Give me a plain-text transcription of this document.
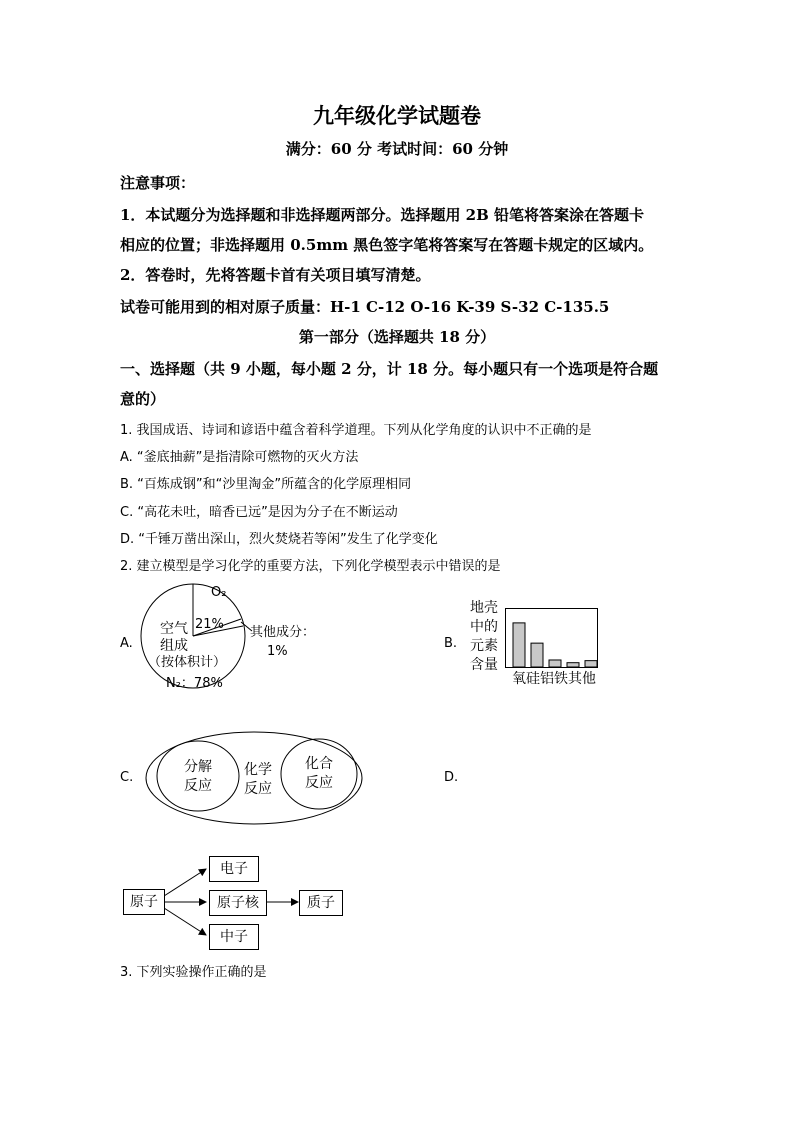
九年级化学试题卷
满分：60 分 考试时间：60 分钟
注意事项：
1．本试题分为选择题和非选择题两部分。选择题用 2B 铅笔将答案涂在答题卡
相应的位置；非选择题用 0.5mm 黑色签字笔将答案写在答题卡规定的区域内。
2．答卷时，先将答题卡首有关项目填写清楚。
试卷可能用到的相对原子质量：H-1 C-12 O-16 K-39 S-32 C-135.5
第一部分（选择题共 18 分）
一、选择题（共 9 小题，每小题 2 分，计 18 分。每小题只有一个选项是符合题
意的）
1. 我国成语、诗词和谚语中蕴含着科学道理。下列从化学角度的认识中不正确的是
A. “釜底抽薪”是指清除可燃物的灭火方法
B. “百炼成钢”和“沙里淘金”所蕴含的化学原理相同
C. “高花未吐，暗香已远”是因为分子在不断运动
D. “千锤万凿出深山，烈火焚烧若等闲”发生了化学变化
2. 建立模型是学习化学的重要方法，下列化学模型表示中错误的是
A.	B.
C.	D.
O₂
21%
空气
组成
（按体积计）
N₂：78%
其他成分：
1%
地壳
中的
元素
含量
氧硅铝铁其他
分解
反应
化学
反应
化合
反应
原子
电子
原子核
中子
质子
3. 下列实验操作正确的是
